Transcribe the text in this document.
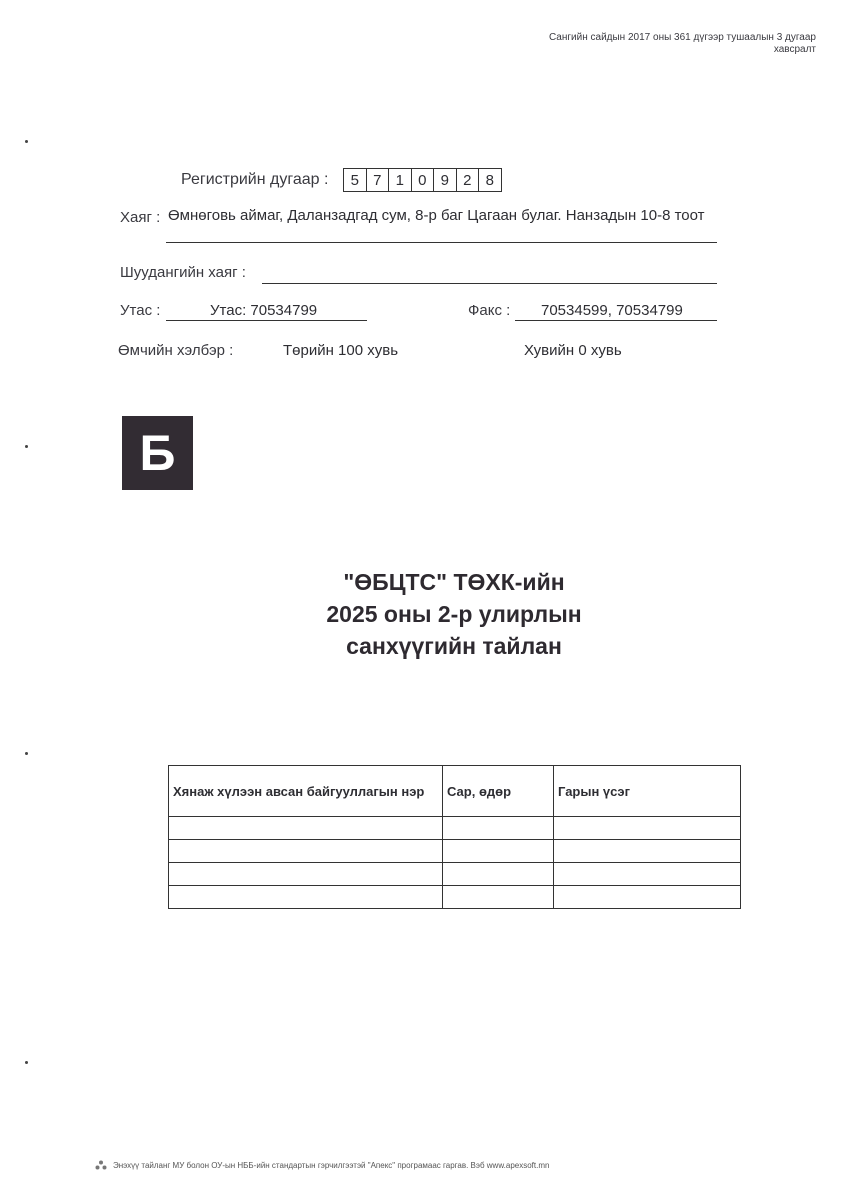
Сангийн сайдын 2017 оны 361 дүгээр тушаалын 3 дугаар
хавсралт
Регистрийн дугаар :	5 7 1 0 9 2 8
Хаяг : Өмнөговь аймаг, Даланзадгад сум, 8-р баг Цагаан булаг. Нанзадын 10-8 тоот
Шуудангийн хаяг :
Утас :	Утас: 70534799	Факс : 70534599, 70534799
Өмчийн хэлбэр :	Төрийн 100 хувь	Хувийн 0 хувь
Б
"ӨБЦТС" ТӨХК-ийн
2025 оны 2-р улирлын
санхүүгийн тайлан
Хянаж хүлээн авсан байгууллагын нэр	Сар, өдөр	Гарын үсэг

Энэхүү тайланг МУ болон ОУ-ын НББ-ийн стандартын гэрчилгээтэй "Апекс" програмаас гаргав. Вэб www.apexsoft.mn
